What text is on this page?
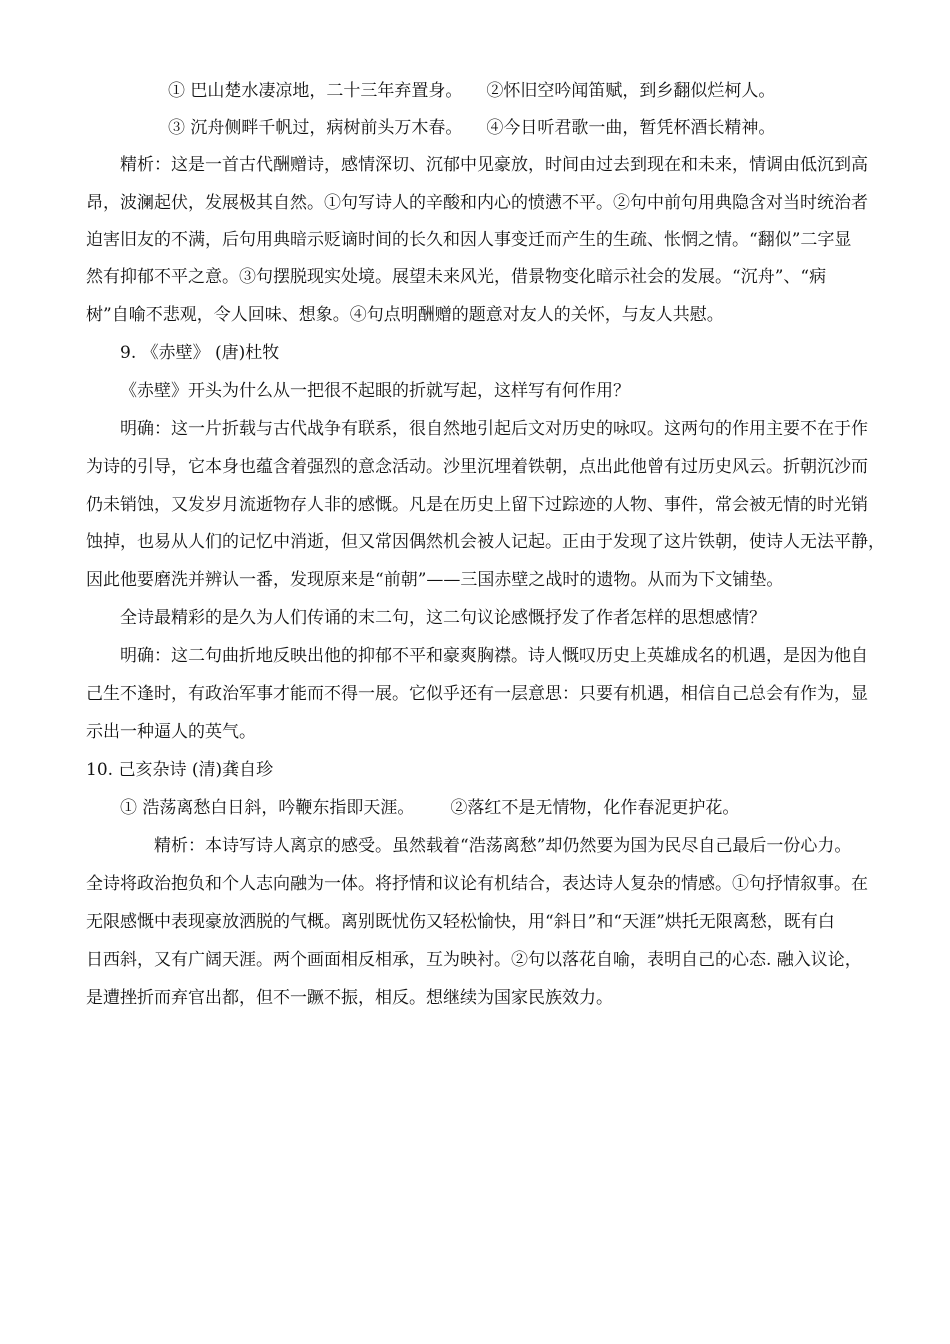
① 巴山楚水凄凉地，二十三年弃置身。 ②怀旧空吟闻笛赋，到乡翻似烂柯人。
③ 沉舟侧畔千帆过，病树前头万木春。 ④今日听君歌一曲，暂凭杯酒长精神。
精析：这是一首古代酬赠诗，感情深切、沉郁中见豪放，时间由过去到现在和未来，情调由低沉到高
昂，波澜起伏，发展极其自然。①句写诗人的辛酸和内心的愤懑不平。②句中前句用典隐含对当时统治者
迫害旧友的不满，后句用典暗示贬谪时间的长久和因人事变迁而产生的生疏、怅惘之情。“翻似”二字显
然有抑郁不平之意。③句摆脱现实处境。展望未来风光，借景物变化暗示社会的发展。“沉舟”、“病
树”自喻不悲观，令人回味、想象。④句点明酬赠的题意对友人的关怀，与友人共慰。
9. 《赤壁》 (唐)杜牧
《赤壁》开头为什么从一把很不起眼的折就写起，这样写有何作用？
明确：这一片折载与古代战争有联系，很自然地引起后文对历史的咏叹。这两句的作用主要不在于作
为诗的引导，它本身也蕴含着强烈的意念活动。沙里沉埋着铁朝，点出此他曾有过历史风云。折朝沉沙而
仍未销蚀，又发岁月流逝物存人非的感慨。凡是在历史上留下过踪迹的人物、事件，常会被无情的时光销
蚀掉，也易从人们的记忆中消逝，但又常因偶然机会被人记起。正由于发现了这片铁朝，使诗人无法平静，
因此他要磨洗并辨认一番，发现原来是“前朝”——三国赤壁之战时的遗物。从而为下文铺垫。
全诗最精彩的是久为人们传诵的末二句，这二句议论感慨抒发了作者怎样的思想感情？
明确：这二句曲折地反映出他的抑郁不平和豪爽胸襟。诗人慨叹历史上英雄成名的机遇，是因为他自
己生不逢时，有政治军事才能而不得一展。它似乎还有一层意思：只要有机遇，相信自己总会有作为，显
示出一种逼人的英气。
10. 己亥杂诗 (清)龚自珍
① 浩荡离愁白日斜，吟鞭东指即天涯。 ②落红不是无情物，化作春泥更护花。
精析：本诗写诗人离京的感受。虽然载着“浩荡离愁”却仍然要为国为民尽自己最后一份心力。
全诗将政治抱负和个人志向融为一体。将抒情和议论有机结合，表达诗人复杂的情感。①句抒情叙事。在
无限感慨中表现豪放洒脱的气概。离别既忧伤又轻松愉快，用“斜日”和“天涯”烘托无限离愁，既有白
日西斜，又有广阔天涯。两个画面相反相承，互为映衬。②句以落花自喻，表明自己的心态. 融入议论，
是遭挫折而弃官出都，但不一蹶不振，相反。想继续为国家民族效力。
